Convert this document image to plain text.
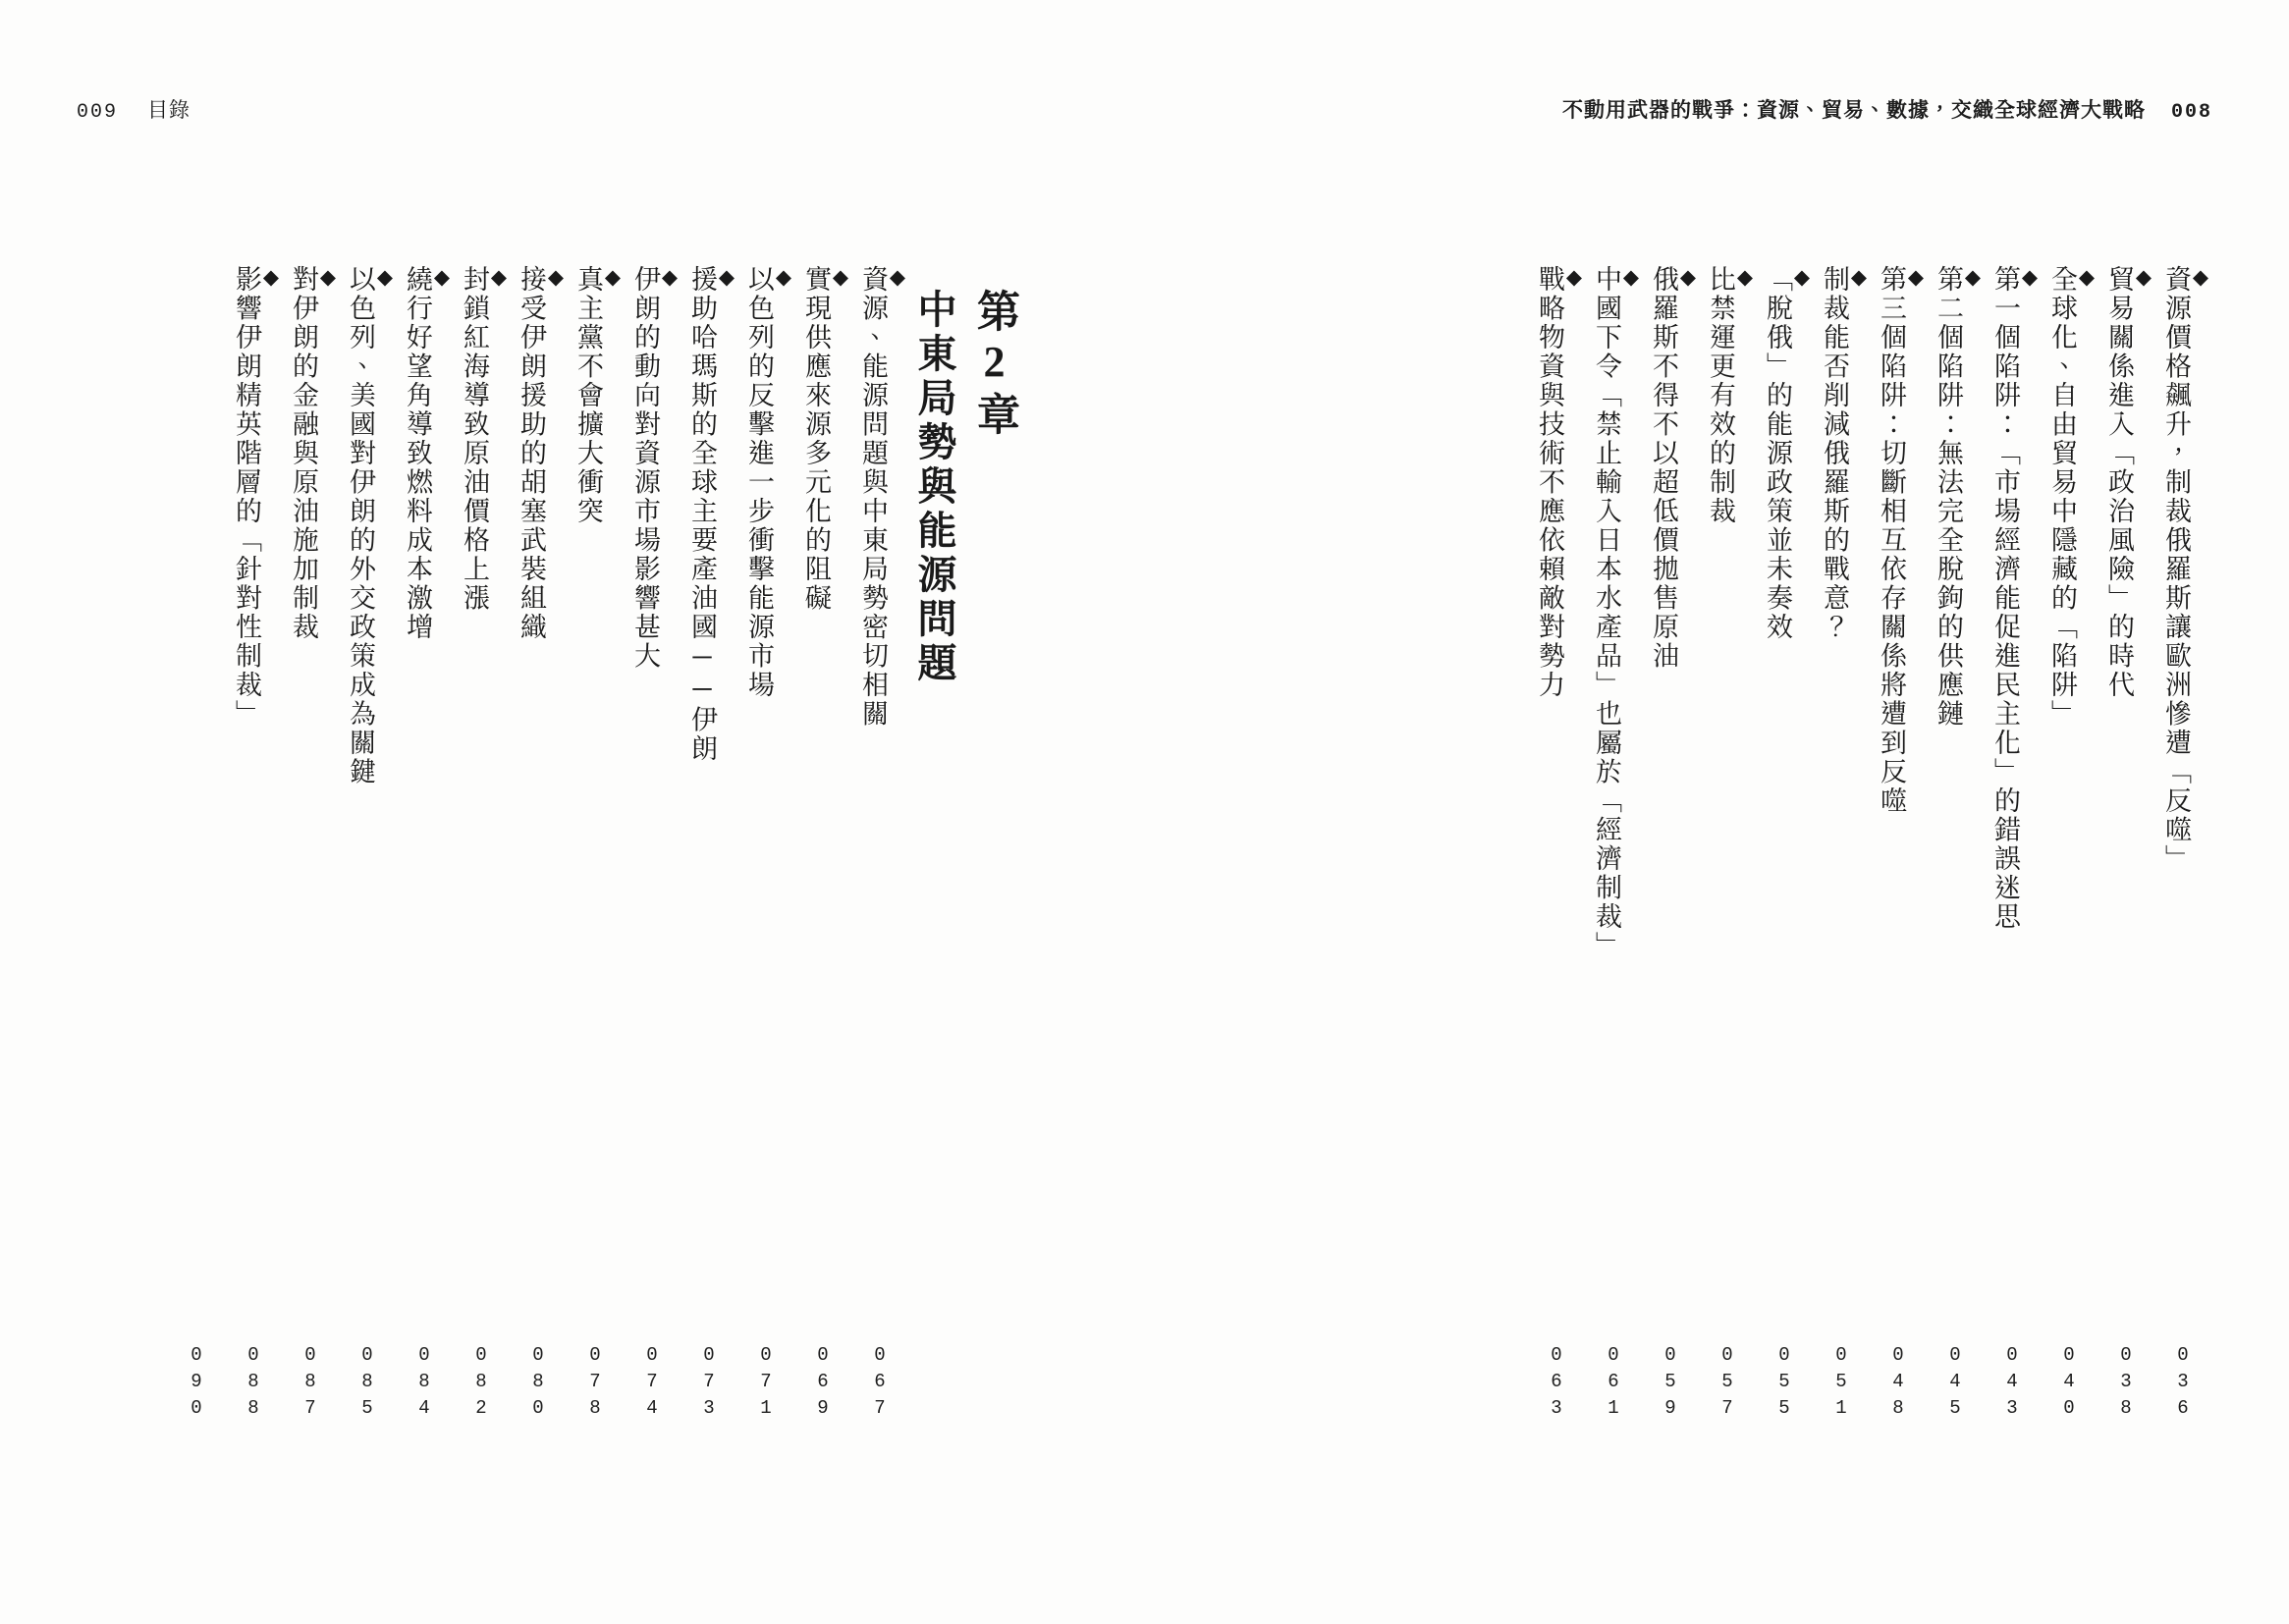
009 目錄	不動用武器的戰爭：資源、貿易、數據，交織全球經濟大戰略 008
◆
資源價格飆升，制裁俄羅斯讓歐洲慘遭「反噬」
036
◆
貿易關係進入「政治風險」的時代
038
◆
全球化、自由貿易中隱藏的「陷阱」
040
◆
第一個陷阱：「市場經濟能促進民主化」的錯誤迷思
043
◆
第二個陷阱：無法完全脫鉤的供應鏈
045
◆
第三個陷阱：切斷相互依存關係將遭到反噬
048
◆
制裁能否削減俄羅斯的戰意？
051
◆
「脫俄」的能源政策並未奏效
055
◆
比禁運更有效的制裁
057
◆
俄羅斯不得不以超低價拋售原油
059
◆
中國下令「禁止輸入日本水產品」也屬於「經濟制裁」
061
◆
戰略物資與技術不應依賴敵對勢力
063
第2章
中東局勢與能源問題
◆
資源、能源問題與中東局勢密切相關
067
◆
實現供應來源多元化的阻礙
069
◆
以色列的反擊進一步衝擊能源市場
071
◆
援助哈瑪斯的全球主要產油國──伊朗
073
◆
伊朗的動向對資源市場影響甚大
074
◆
真主黨不會擴大衝突
078
◆
接受伊朗援助的胡塞武裝組織
080
◆
封鎖紅海導致原油價格上漲
082
◆
繞行好望角導致燃料成本激增
084
◆
以色列、美國對伊朗的外交政策成為關鍵
085
◆
對伊朗的金融與原油施加制裁
087
◆
影響伊朗精英階層的「針對性制裁」
088
090
